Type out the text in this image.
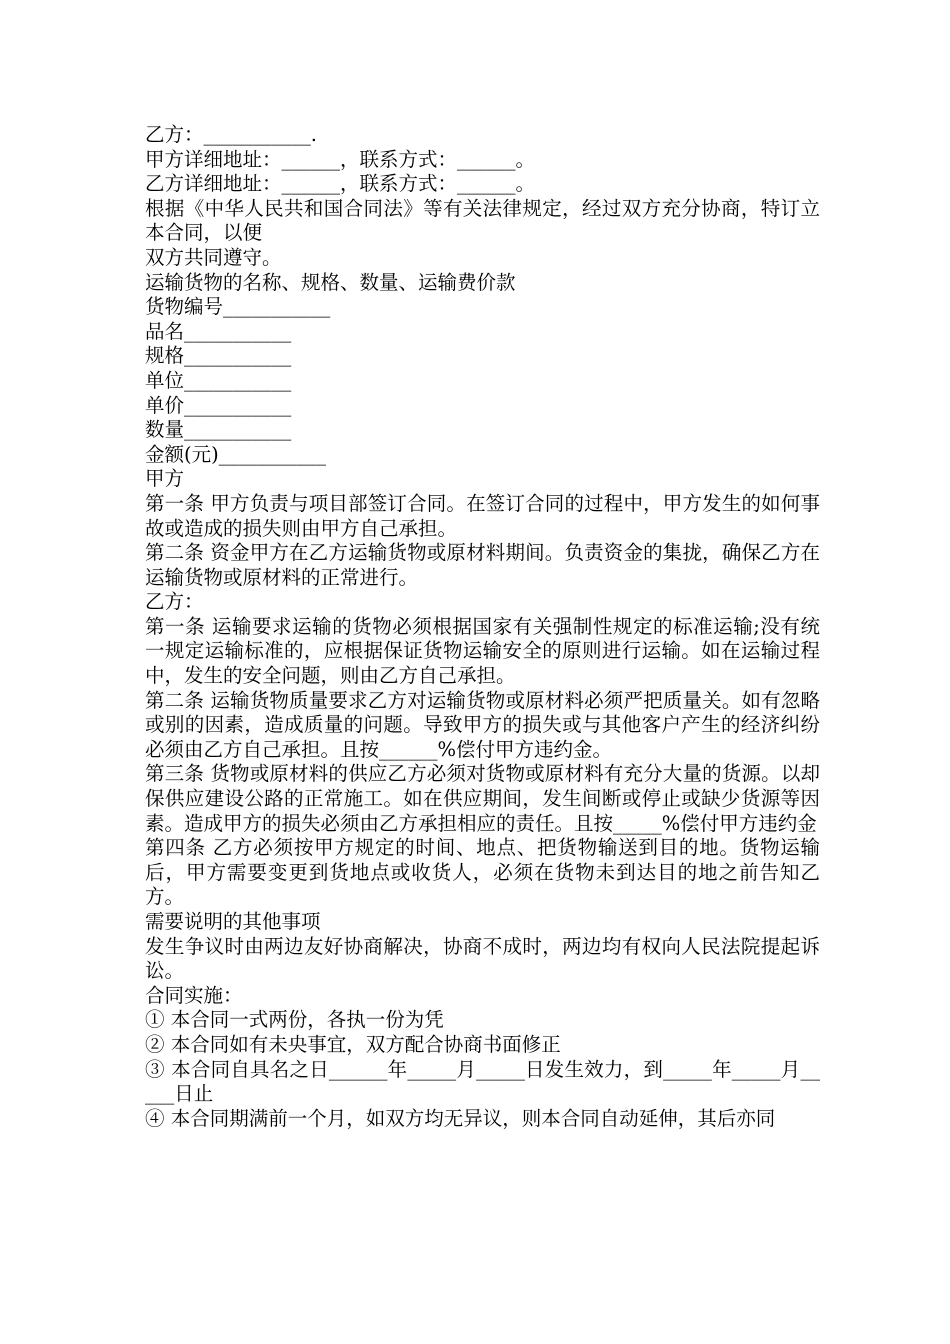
乙方：___________.

甲方详细地址：______，联系方式：______。

乙方详细地址：______，联系方式：______。

根据《中华人民共和国合同法》等有关法律规定，经过双方充分协商，特订立本合同，以便

双方共同遵守。

运输货物的名称、规格、数量、运输费价款

货物编号___________

品名___________

规格___________

单位___________

单价___________

数量___________

金额(元)___________

甲方

第一条 甲方负责与项目部签订合同。在签订合同的过程中，甲方发生的如何事故或造成的损失则由甲方自己承担。

第二条 资金甲方在乙方运输货物或原材料期间。负责资金的集拢，确保乙方在运输货物或原材料的正常进行。

乙方：

第一条 运输要求运输的货物必须根据国家有关强制性规定的标准运输;没有统一规定运输标准的，应根据保证货物运输安全的原则进行运输。如在运输过程中，发生的安全问题，则由乙方自己承担。

第二条 运输货物质量要求乙方对运输货物或原材料必须严把质量关。如有忽略或别的因素，造成质量的问题。导致甲方的损失或与其他客户产生的经济纠纷必须由乙方自己承担。且按______%偿付甲方违约金。

第三条 货物或原材料的供应乙方必须对货物或原材料有充分大量的货源。以却保供应建设公路的正常施工。如在供应期间，发生间断或停止或缺少货源等因素。造成甲方的损失必须由乙方承担相应的责任。且按_____%偿付甲方违约金

第四条 乙方必须按甲方规定的时间、地点、把货物输送到目的地。货物运输后，甲方需要变更到货地点或收货人，必须在货物未到达目的地之前告知乙方。

需要说明的其他事项

发生争议时由两边友好协商解决，协商不成时，两边均有权向人民法院提起诉讼。

合同实施：

① 本合同一式两份，各执一份为凭

② 本合同如有未央事宜，双方配合协商书面修正

③ 本合同自具名之日______年_____月_____日发生效力，到_____年_____月_____日止

④ 本合同期满前一个月，如双方均无异议，则本合同自动延伸，其后亦同
